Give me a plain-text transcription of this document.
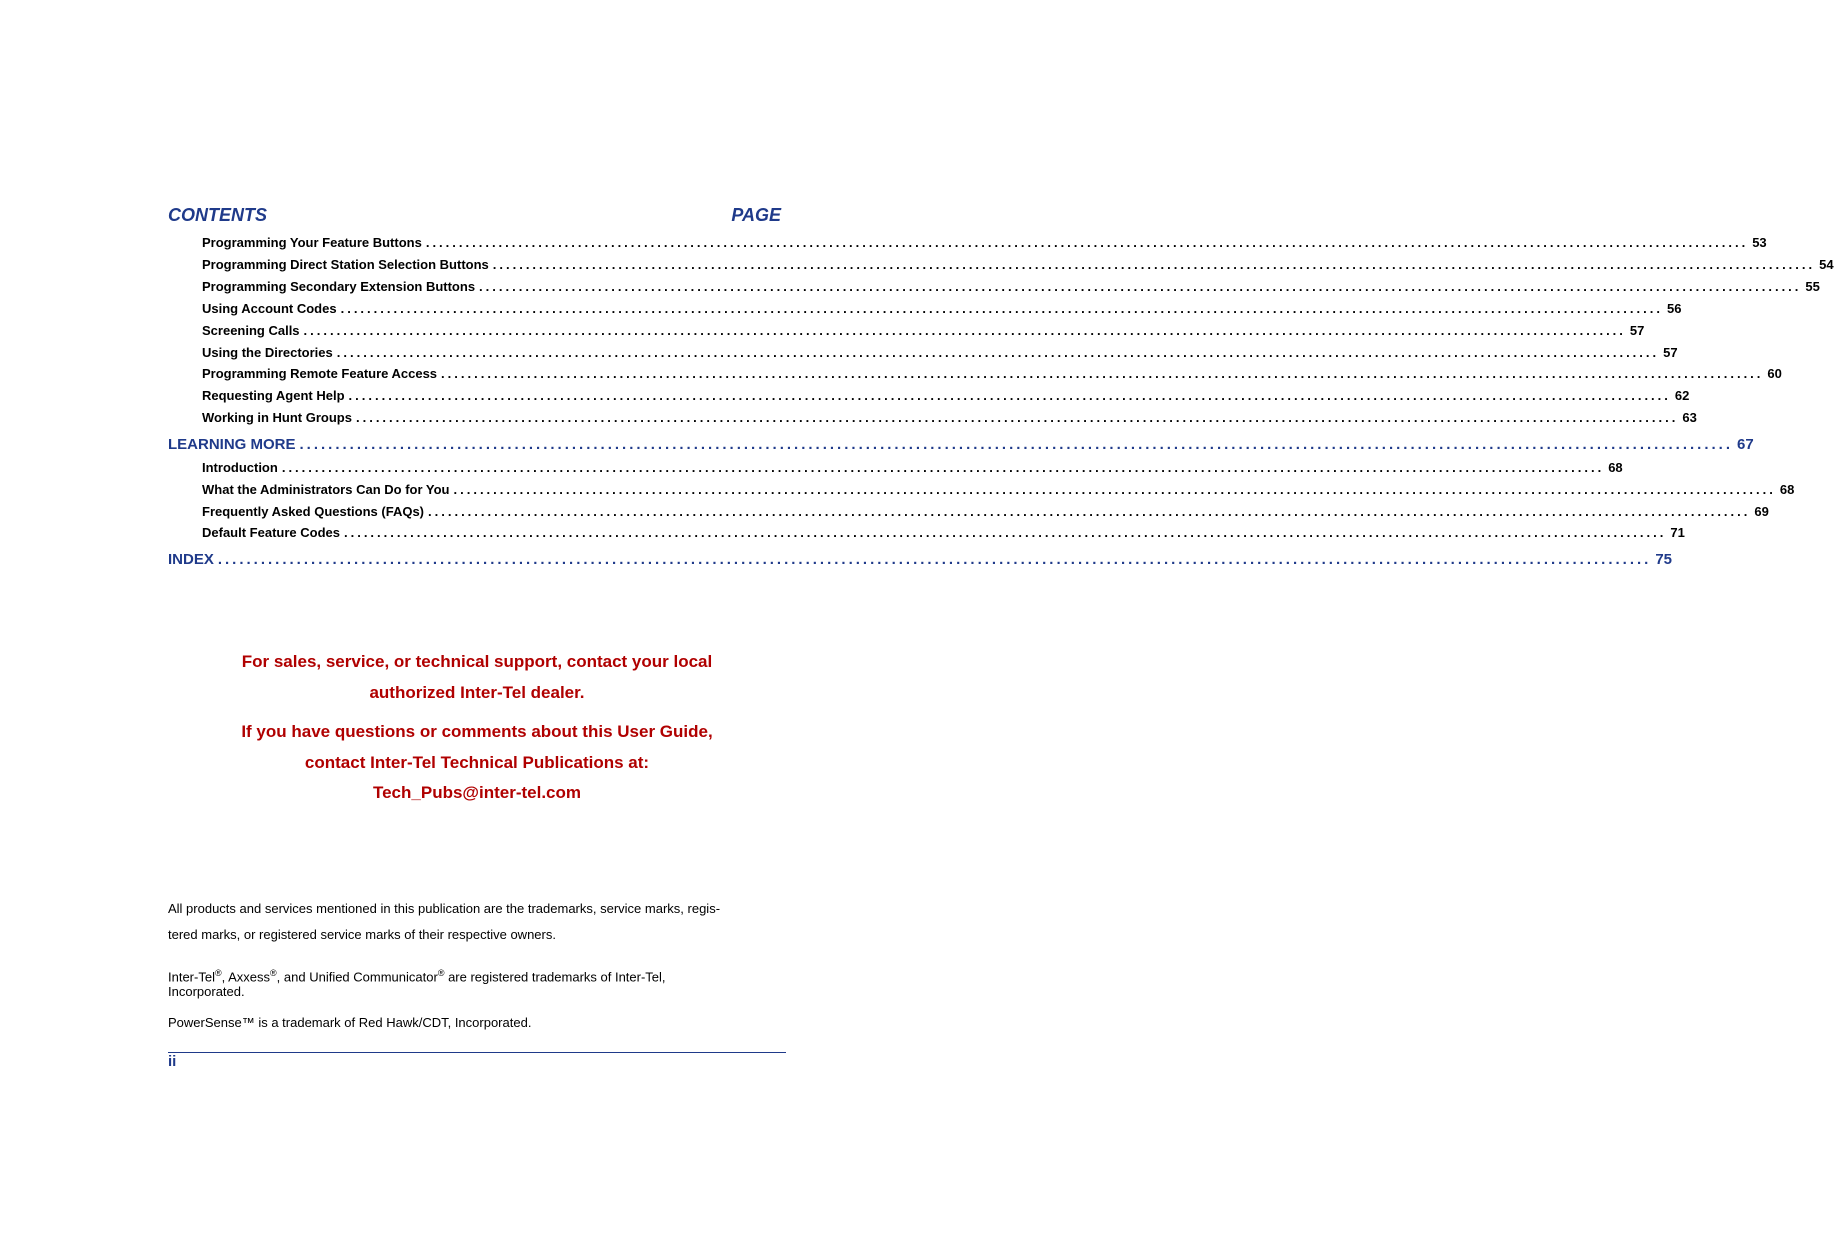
CONTENTS	PAGE
Programming Your Feature Buttons ........................................................................................................................................................................................................ 53
Programming Direct Station Selection Buttons ........................................................................................................................................................................................................ 54
Programming Secondary Extension Buttons ........................................................................................................................................................................................................ 55
Using Account Codes ........................................................................................................................................................................................................ 56
Screening Calls ........................................................................................................................................................................................................ 57
Using the Directories ........................................................................................................................................................................................................ 57
Programming Remote Feature Access ........................................................................................................................................................................................................ 60
Requesting Agent Help ........................................................................................................................................................................................................ 62
Working in Hunt Groups ........................................................................................................................................................................................................ 63
LEARNING MORE ........................................................................................................................................................................................................ 67
Introduction ........................................................................................................................................................................................................ 68
What the Administrators Can Do for You ........................................................................................................................................................................................................ 68
Frequently Asked Questions (FAQs) ........................................................................................................................................................................................................ 69
Default Feature Codes ........................................................................................................................................................................................................ 71
INDEX ........................................................................................................................................................................................................ 75
For sales, service, or technical support, contact your local
authorized Inter-Tel dealer.
If you have questions or comments about this User Guide,
contact Inter-Tel Technical Publications at:
Tech_Pubs@inter-tel.com
All products and services mentioned in this publication are the trademarks, service marks, regis-
tered marks, or registered service marks of their respective owners.
Inter-Tel®, Axxess®, and Unified Communicator® are registered trademarks of Inter-Tel,
Incorporated.
PowerSense™ is a trademark of Red Hawk/CDT, Incorporated.
ii
